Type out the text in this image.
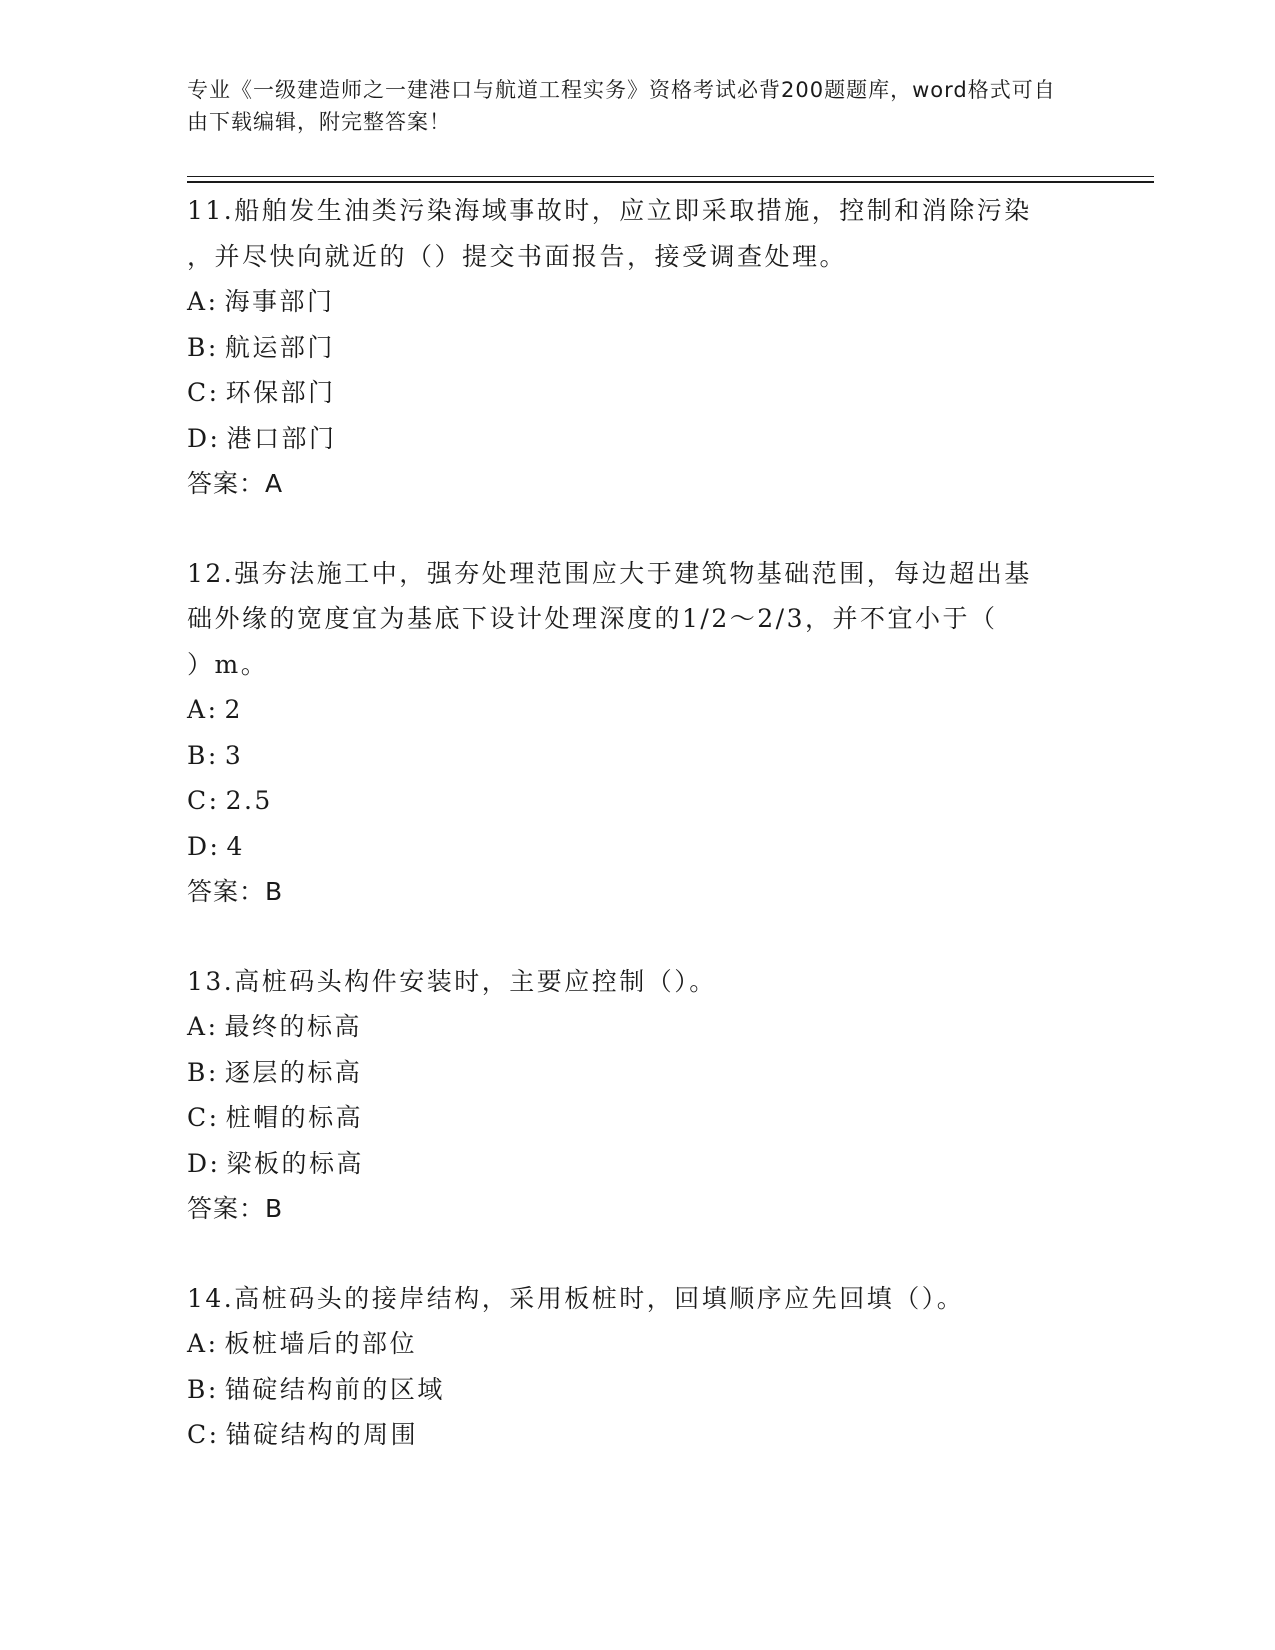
专业《一级建造师之一建港口与航道工程实务》资格考试必背200题题库，word格式可自由下载编辑，附完整答案！
11.船舶发生油类污染海域事故时，应立即采取措施，控制和消除污染
，并尽快向就近的（）提交书面报告，接受调查处理。
A: 海事部门
B: 航运部门
C: 环保部门
D: 港口部门
答案：A
12.强夯法施工中，强夯处理范围应大于建筑物基础范围，每边超出基
础外缘的宽度宜为基底下设计处理深度的1/2～2/3，并不宜小于（
）m。
A: 2
B: 3
C: 2.5
D: 4
答案：B
13.高桩码头构件安装时，主要应控制（）。
A: 最终的标高
B: 逐层的标高
C: 桩帽的标高
D: 梁板的标高
答案：B
14.高桩码头的接岸结构，采用板桩时，回填顺序应先回填（）。
A: 板桩墙后的部位
B: 锚碇结构前的区域
C: 锚碇结构的周围
